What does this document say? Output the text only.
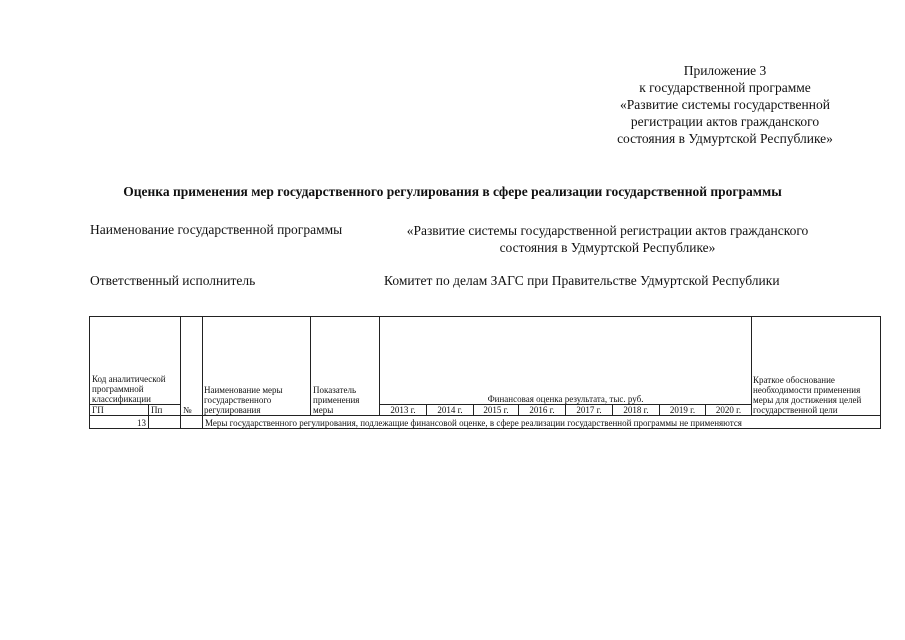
Приложение 3
к государственной программе
«Развитие системы государственной
регистрации актов гражданского
состояния в Удмуртской Республике»
Оценка применения мер государственного регулирования в сфере реализации государственной программы
Наименование государственной программы	«Развитие системы государственной регистрации актов гражданского
состояния в Удмуртской Республике»
Ответственный исполнитель	Комитет по делам ЗАГС при Правительстве Удмуртской Республики
Код аналитической программной классификации		№	Наименование меры государственного регулирования	Показатель применения меры	Финансовая оценка результата, тыс. руб.								Краткое обоснование необходимости применения меры для достижения целей государственной цели
ГП	Пп				2013 г.	2014 г.	2015 г.	2016 г.	2017 г.	2018 г.	2019 г.	2020 г.	
13			Меры государственного регулирования, подлежащие финансовой оценке, в сфере реализации государственной программы не применяются										
